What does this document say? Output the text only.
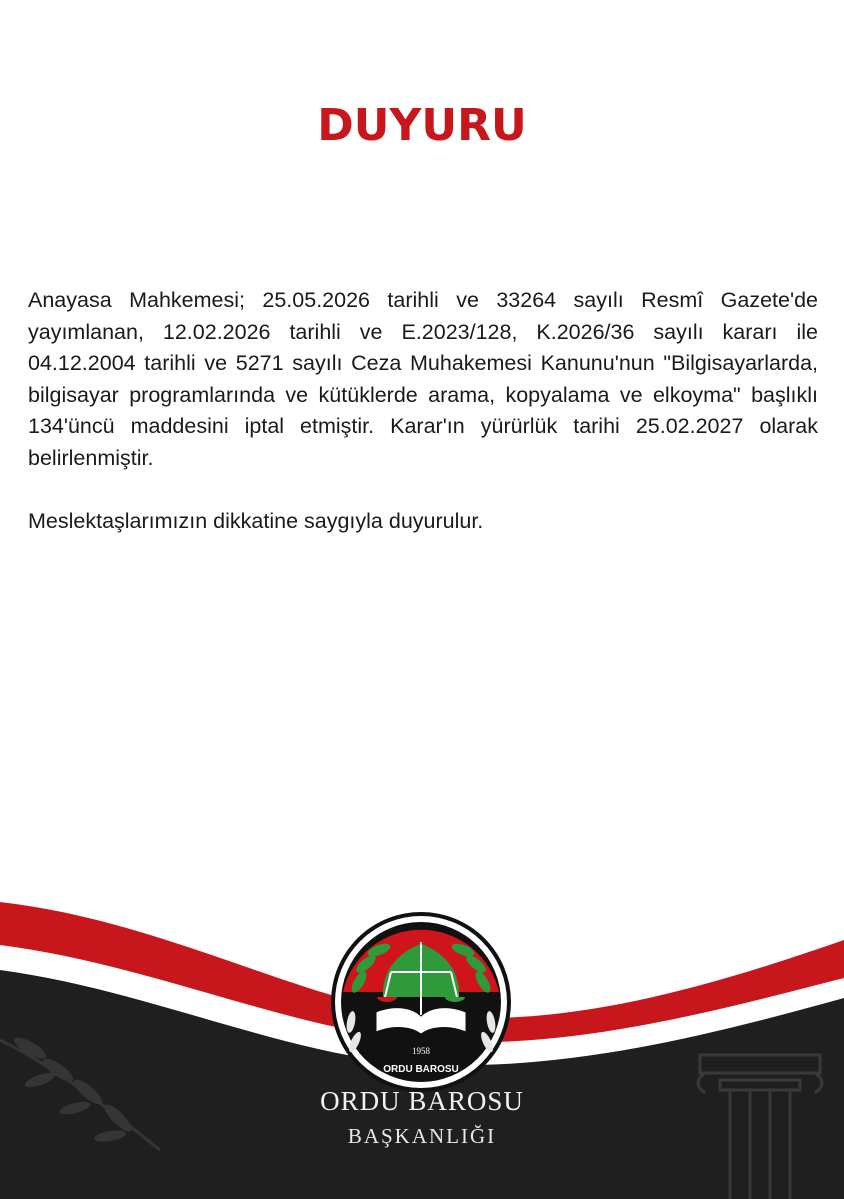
DUYURU

Anayasa Mahkemesi; 25.05.2026 tarihli ve 33264 sayılı Resmî Gazete'de yayımlanan, 12.02.2026 tarihli ve E.2023/128, K.2026/36 sayılı kararı ile 04.12.2004 tarihli ve 5271 sayılı Ceza Muhakemesi Kanunu'nun "Bilgisayarlarda, bilgisayar programlarında ve kütüklerde arama, kopyalama ve elkoyma" başlıklı 134'üncü maddesini iptal etmiştir. Karar'ın yürürlük tarihi 25.02.2027 olarak belirlenmiştir.

Meslektaşlarımızın dikkatine saygıyla duyurulur.

1958
ORDU BAROSU
ORDU BAROSU
BAŞKANLIĞI
